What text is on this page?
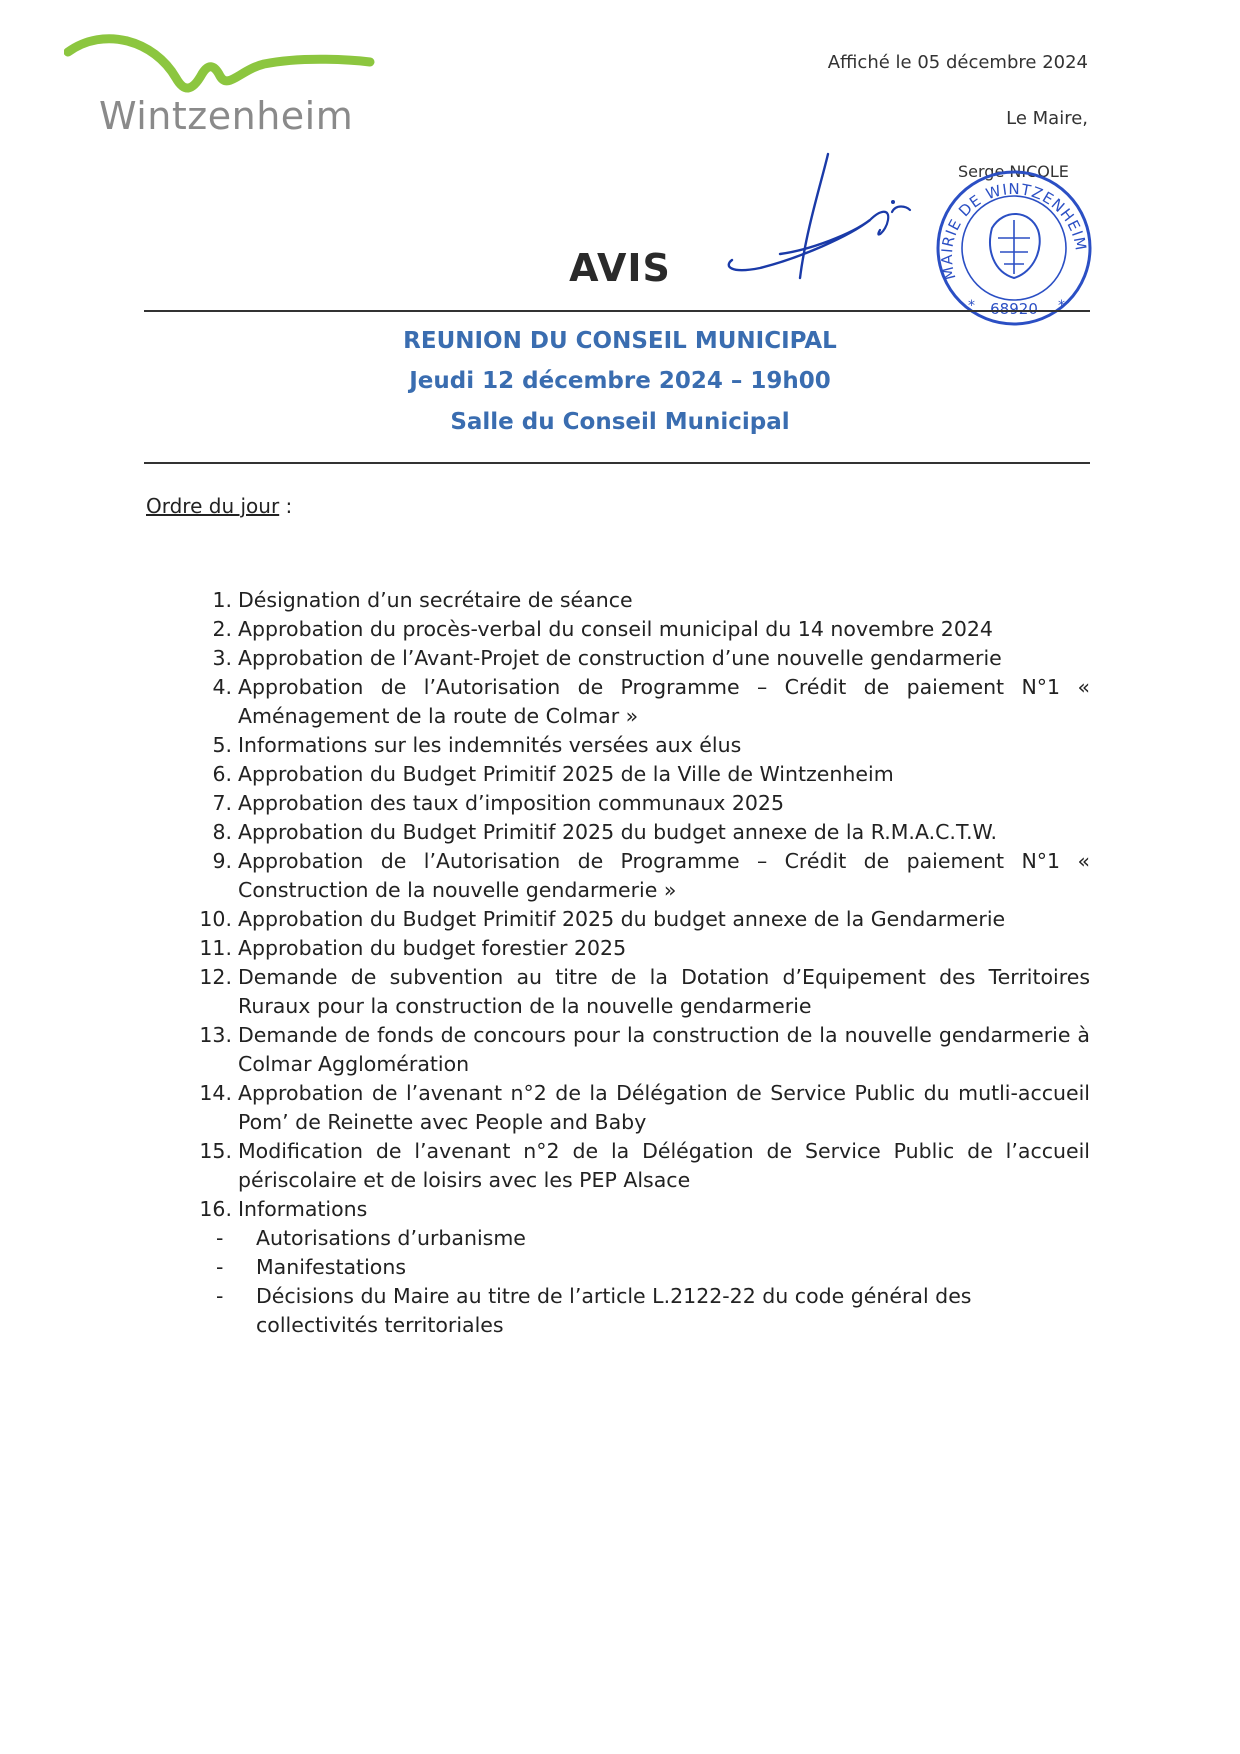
Wintzenheim
Affiché le 05 décembre 2024
Le Maire,
Serge NICOLE
MAIRIE DE WINTZENHEIM
68920
*	*
AVIS
REUNION DU CONSEIL MUNICIPAL
Jeudi 12 décembre 2024 – 19h00
Salle du Conseil Municipal
Ordre du jour :
1. Désignation d’un secrétaire de séance
2. Approbation du procès-verbal du conseil municipal du 14 novembre 2024
3. Approbation de l’Avant-Projet de construction d’une nouvelle gendarmerie
4. Approbation de l’Autorisation de Programme – Crédit de paiement N°1 « Aménagement de la route de Colmar »
5. Informations sur les indemnités versées aux élus
6. Approbation du Budget Primitif 2025 de la Ville de Wintzenheim
7. Approbation des taux d’imposition communaux 2025
8. Approbation du Budget Primitif 2025 du budget annexe de la R.M.A.C.T.W.
9. Approbation de l’Autorisation de Programme – Crédit de paiement N°1 « Construction de la nouvelle gendarmerie »
10. Approbation du Budget Primitif 2025 du budget annexe de la Gendarmerie
11. Approbation du budget forestier 2025
12. Demande de subvention au titre de la Dotation d’Equipement des Territoires Ruraux pour la construction de la nouvelle gendarmerie
13. Demande de fonds de concours pour la construction de la nouvelle gendarmerie à Colmar Agglomération
14. Approbation de l’avenant n°2 de la Délégation de Service Public du mutli-accueil Pom’ de Reinette avec People and Baby
15. Modification de l’avenant n°2 de la Délégation de Service Public de l’accueil périscolaire et de loisirs avec les PEP Alsace
16. Informations
- Autorisations d’urbanisme
- Manifestations
- Décisions du Maire au titre de l’article L.2122-22 du code général des collectivités territoriales
